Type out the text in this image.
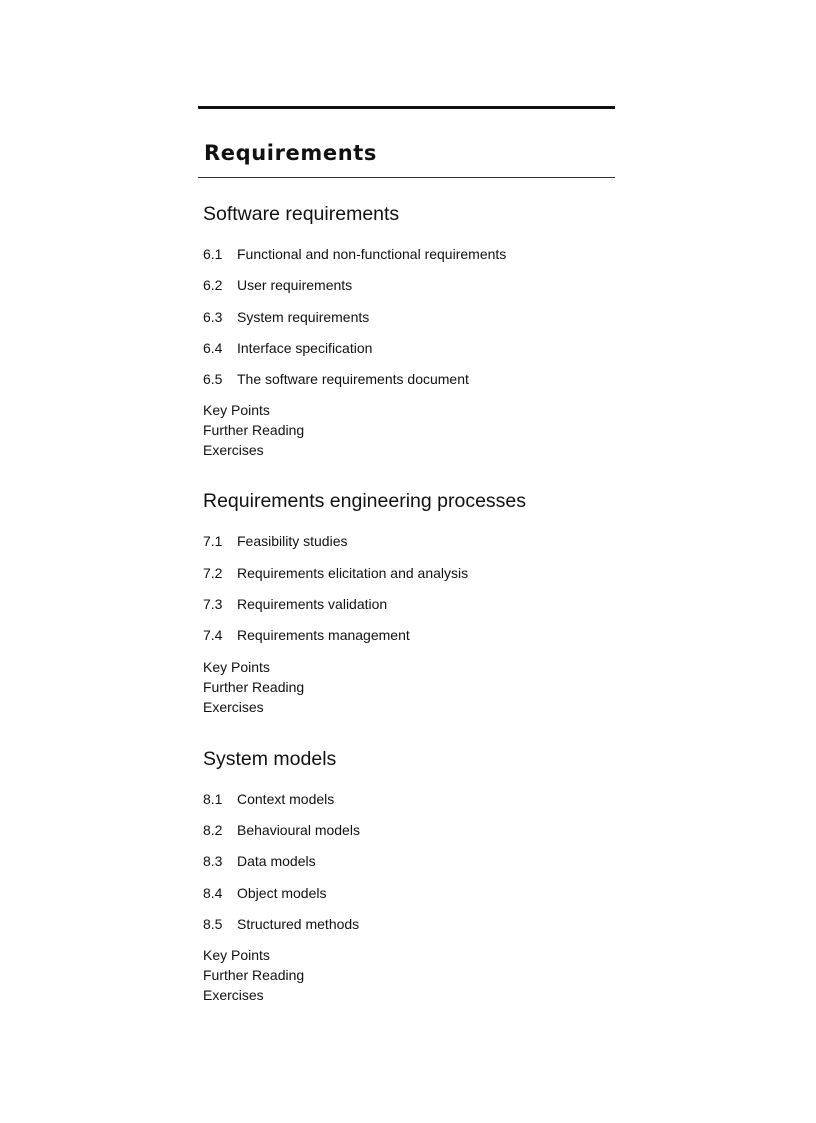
Requirements
Software requirements
6.1	Functional and non-functional requirements
6.2	User requirements
6.3	System requirements
6.4	Interface specification
6.5	The software requirements document
Key Points
Further Reading
Exercises
Requirements engineering processes
7.1	Feasibility studies
7.2	Requirements elicitation and analysis
7.3	Requirements validation
7.4	Requirements management
Key Points
Further Reading
Exercises
System models
8.1	Context models
8.2	Behavioural models
8.3	Data models
8.4	Object models
8.5	Structured methods
Key Points
Further Reading
Exercises
